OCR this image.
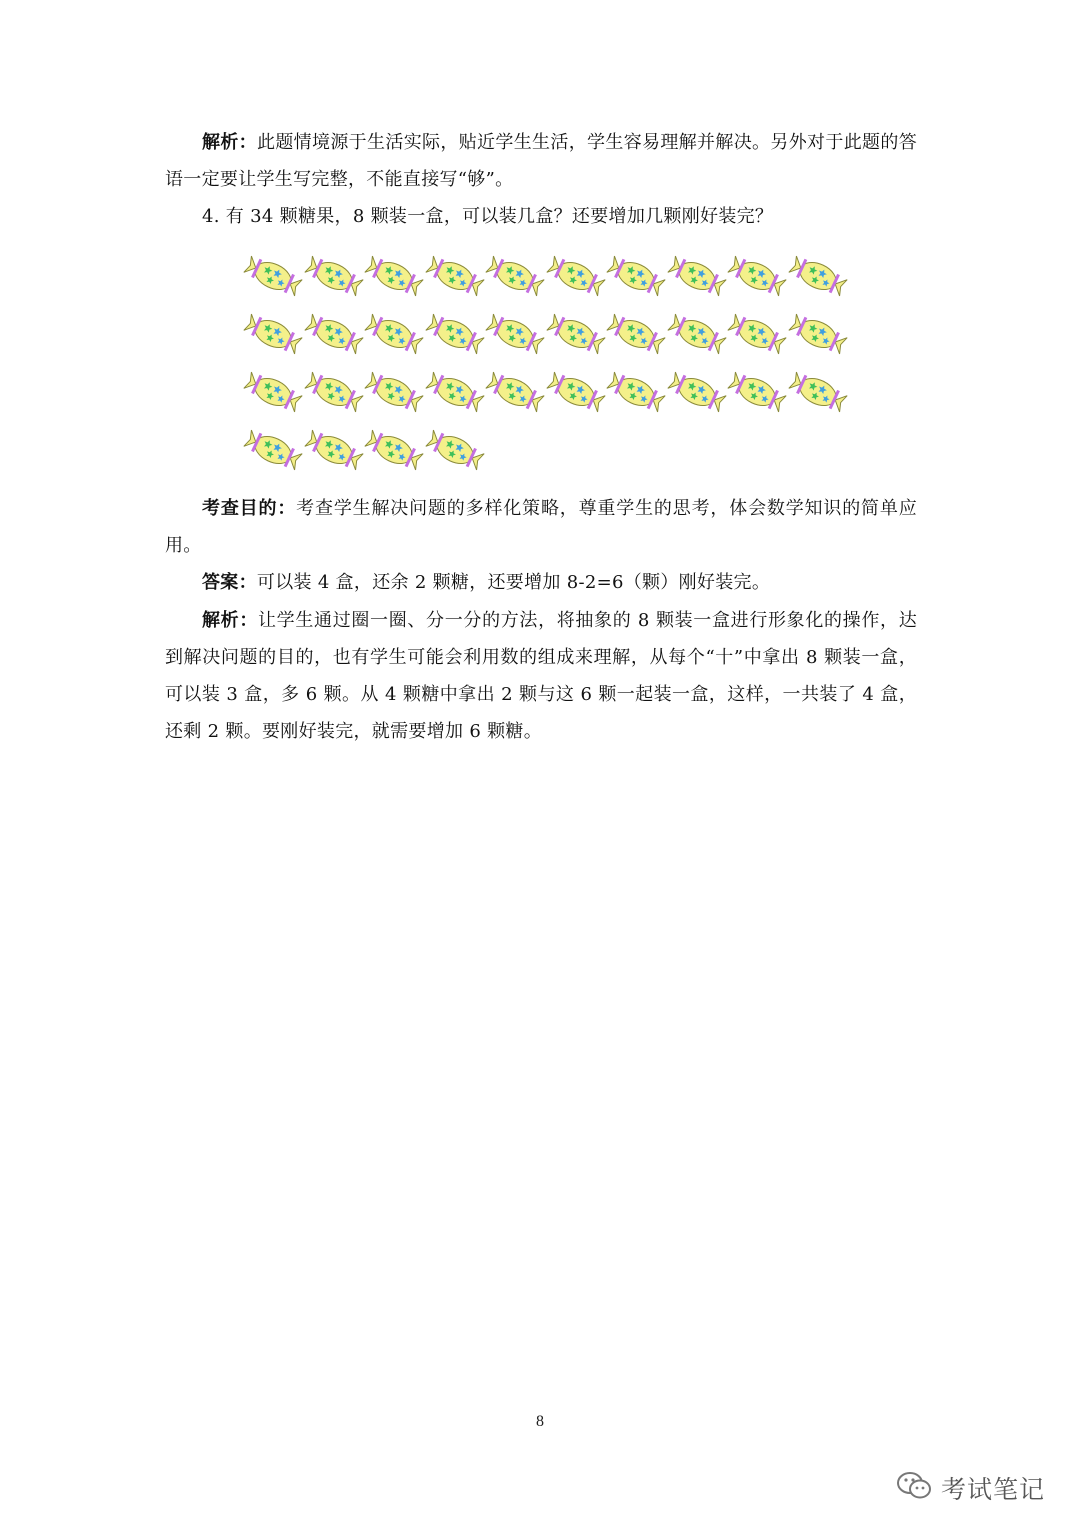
解析：此题情境源于生活实际，贴近学生生活，学生容易理解并解决。另外对于此题的答语一定要让学生写完整，不能直接写“够”。
4. 有 34 颗糖果，8 颗装一盒，可以装几盒？还要增加几颗刚好装完？
考查目的：考查学生解决问题的多样化策略，尊重学生的思考，体会数学知识的简单应用。
答案：可以装 4 盒，还余 2 颗糖，还要增加 8-2=6（颗）刚好装完。
解析：让学生通过圈一圈、分一分的方法，将抽象的 8 颗装一盒进行形象化的操作，达到解决问题的目的，也有学生可能会利用数的组成来理解，从每个“十”中拿出 8 颗装一盒，可以装 3 盒，多 6 颗。从 4 颗糖中拿出 2 颗与这 6 颗一起装一盒，这样，一共装了 4 盒，还剩 2 颗。要刚好装完，就需要增加 6 颗糖。
8
考试笔记
